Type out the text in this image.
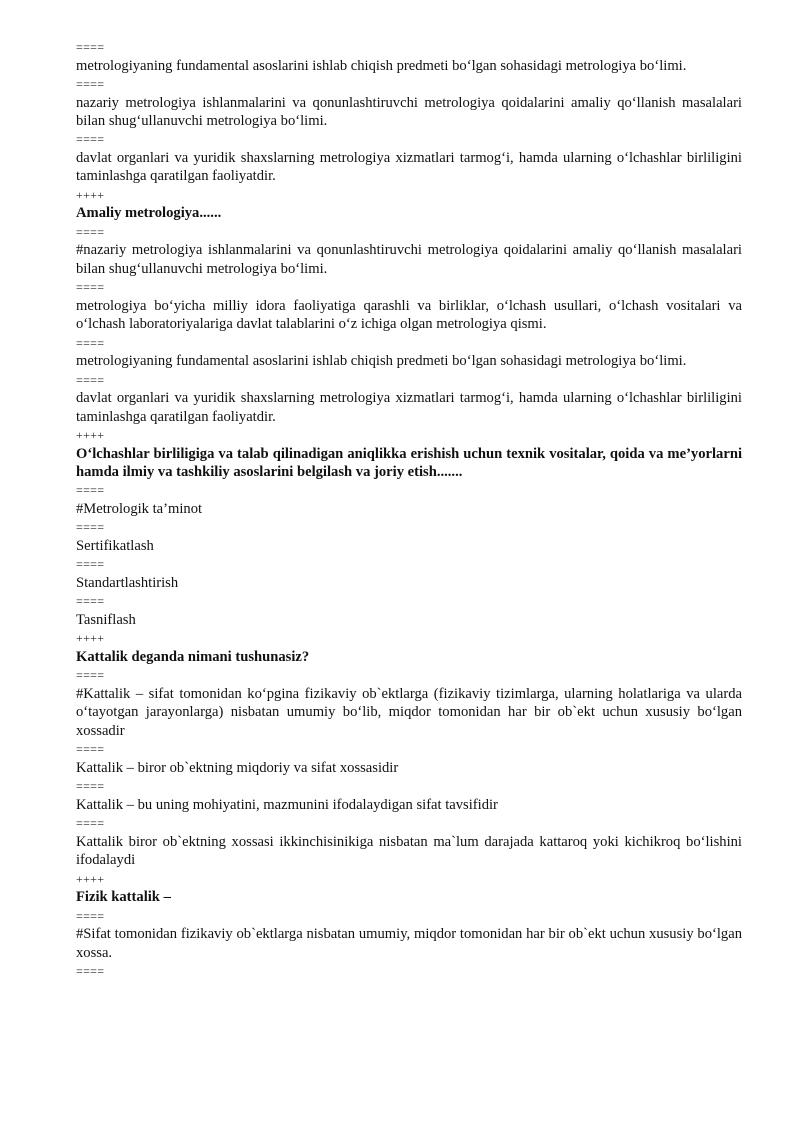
====

metrologiyaning fundamental asoslarini ishlab chiqish predmeti boʻlgan sohasidagi metrologiya boʻlimi.

====

nazariy metrologiya ishlanmalarini va qonunlashtiruvchi metrologiya qoidalarini amaliy qoʻllanish masalalari bilan shugʻullanuvchi metrologiya boʻlimi.

====

davlat organlari va yuridik shaxslarning metrologiya xizmatlari tarmogʻi, hamda ularning oʻlchashlar birliligini taminlashga qaratilgan faoliyatdir.

++++

Amaliy metrologiya......

====

#nazariy metrologiya ishlanmalarini va qonunlashtiruvchi metrologiya qoidalarini amaliy qoʻllanish masalalari bilan shugʻullanuvchi metrologiya boʻlimi.

====

metrologiya boʻyicha milliy idora faoliyatiga qarashli va birliklar, oʻlchash usullari, oʻlchash vositalari va oʻlchash laboratoriyalariga davlat talablarini oʻz ichiga olgan metrologiya qismi.

====

metrologiyaning fundamental asoslarini ishlab chiqish predmeti boʻlgan sohasidagi metrologiya boʻlimi.

====

davlat organlari va yuridik shaxslarning metrologiya xizmatlari tarmogʻi, hamda ularning oʻlchashlar birliligini taminlashga qaratilgan faoliyatdir.

++++

Oʻlchashlar birliligiga va talab qilinadigan aniqlikka erishish uchun texnik vositalar, qoida va me’yorlarni hamda ilmiy va tashkiliy asoslarini belgilash va joriy etish.......

====

#Metrologik ta’minot

====

Sertifikatlash

====

Standartlashtirish

====

Tasniflash

++++

Kattalik deganda nimani tushunasiz?

====

#Kattalik – sifat tomonidan koʻpgina fizikaviy ob`ektlarga (fizikaviy tizimlarga, ularning holatlariga va ularda oʻtayotgan jarayonlarga) nisbatan umumiy boʻlib, miqdor tomonidan har bir ob`ekt uchun xususiy boʻlgan xossadir

====

Kattalik – biror ob`ektning miqdoriy va sifat xossasidir

====

Kattalik – bu uning mohiyatini, mazmunini ifodalaydigan sifat tavsifidir

====

Kattalik biror ob`ektning xossasi ikkinchisinikiga nisbatan ma`lum darajada kattaroq yoki kichikroq boʻlishini ifodalaydi

++++

Fizik kattalik –

====

#Sifat tomonidan fizikaviy ob`ektlarga nisbatan umumiy, miqdor tomonidan har bir ob`ekt uchun xususiy boʻlgan xossa.

====
